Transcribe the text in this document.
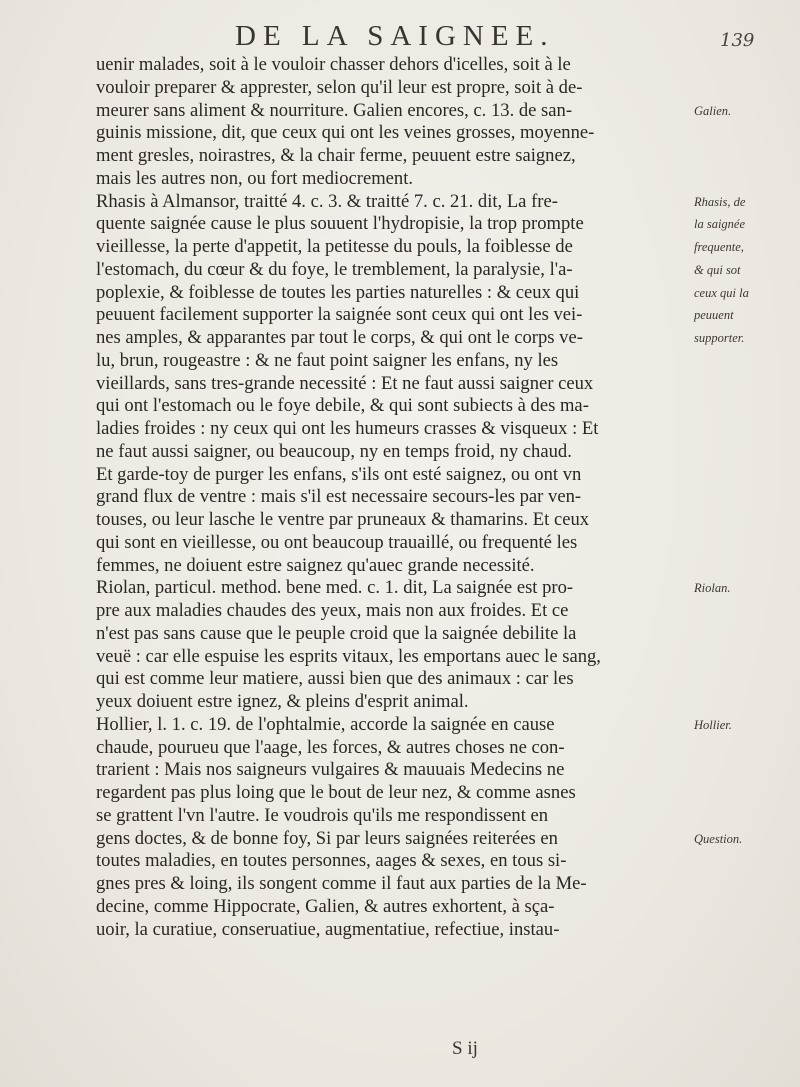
DE LA SAIGNEE.	139
uenir malades, soit à le vouloir chasser dehors d'icelles, soit à le
vouloir preparer & apprester, selon qu'il leur est propre, soit à de-
meurer sans aliment & nourriture. Galien encores, c. 13. de san-
guinis missione, dit, que ceux qui ont les veines grosses, moyenne-
ment gresles, noirastres, & la chair ferme, peuuent estre saignez,
mais les autres non, ou fort mediocrement.
Rhasis à Almansor, traitté 4. c. 3. & traitté 7. c. 21. dit, La fre-
quente saignée cause le plus souuent l'hydropisie, la trop prompte
vieillesse, la perte d'appetit, la petitesse du pouls, la foiblesse de
l'estomach, du cœur & du foye, le tremblement, la paralysie, l'a-
poplexie, & foiblesse de toutes les parties naturelles : & ceux qui
peuuent facilement supporter la saignée sont ceux qui ont les vei-
nes amples, & apparantes par tout le corps, & qui ont le corps ve-
lu, brun, rougeastre : & ne faut point saigner les enfans, ny les
vieillards, sans tres-grande necessité : Et ne faut aussi saigner ceux
qui ont l'estomach ou le foye debile, & qui sont subiects à des ma-
ladies froides : ny ceux qui ont les humeurs crasses & visqueux : Et
ne faut aussi saigner, ou beaucoup, ny en temps froid, ny chaud.
Et garde-toy de purger les enfans, s'ils ont esté saignez, ou ont vn
grand flux de ventre : mais s'il est necessaire secours-les par ven-
touses, ou leur lasche le ventre par pruneaux & thamarins. Et ceux
qui sont en vieillesse, ou ont beaucoup trauaillé, ou frequenté les
femmes, ne doiuent estre saignez qu'auec grande necessité.
Riolan, particul. method. bene med. c. 1. dit, La saignée est pro-
pre aux maladies chaudes des yeux, mais non aux froides. Et ce
n'est pas sans cause que le peuple croid que la saignée debilite la
veuë : car elle espuise les esprits vitaux, les emportans auec le sang,
qui est comme leur matiere, aussi bien que des animaux : car les
yeux doiuent estre ignez, & pleins d'esprit animal.
Hollier, l. 1. c. 19. de l'ophtalmie, accorde la saignée en cause
chaude, pourueu que l'aage, les forces, & autres choses ne con-
trarient : Mais nos saigneurs vulgaires & mauuais Medecins ne
regardent pas plus loing que le bout de leur nez, & comme asnes
se grattent l'vn l'autre. Ie voudrois qu'ils me respondissent en
gens doctes, & de bonne foy, Si par leurs saignées reiterées en
toutes maladies, en toutes personnes, aages & sexes, en tous si-
gnes pres & loing, ils songent comme il faut aux parties de la Me-
decine, comme Hippocrate, Galien, & autres exhortent, à sça-
uoir, la curatiue, conseruatiue, augmentatiue, refectiue, instau-
Galien.
Rhasis, de
la saignée
frequente,
& qui sot
ceux qui la
peuuent
supporter.
Riolan.
Hollier.
Question.
S ij
